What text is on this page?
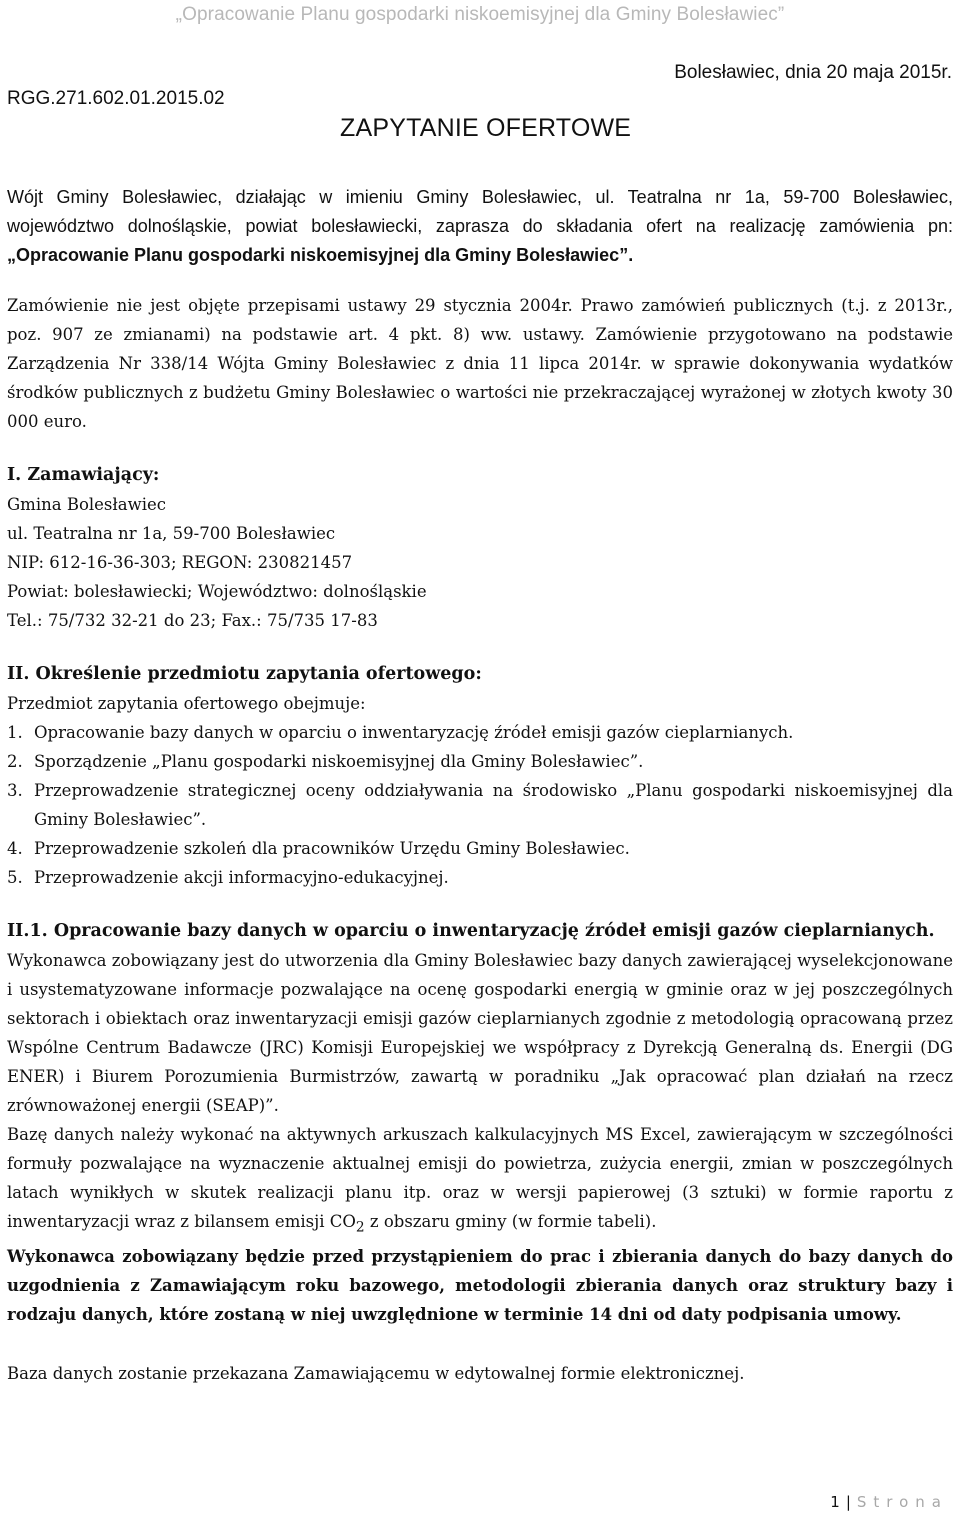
„Opracowanie Planu gospodarki niskoemisyjnej dla Gminy Bolesławiec”
Bolesławiec, dnia 20 maja 2015r.
RGG.271.602.01.2015.02
ZAPYTANIE OFERTOWE

Wójt Gminy Bolesławiec, działając w imieniu Gminy Bolesławiec, ul. Teatralna nr 1a, 59-700 Bolesławiec, województwo dolnośląskie, powiat bolesławiecki, zaprasza do składania ofert na realizację zamówienia pn: „Opracowanie Planu gospodarki niskoemisyjnej dla Gminy Bolesławiec”.

Zamówienie nie jest objęte przepisami ustawy 29 stycznia 2004r. Prawo zamówień publicznych (t.j. z 2013r., poz. 907 ze zmianami) na podstawie art. 4 pkt. 8) ww. ustawy. Zamówienie przygotowano na podstawie Zarządzenia Nr 338/14 Wójta Gminy Bolesławiec z dnia 11 lipca 2014r. w sprawie dokonywania wydatków środków publicznych z budżetu Gminy Bolesławiec o wartości nie przekraczającej wyrażonej w złotych kwoty 30 000 euro.

I. Zamawiający:

Gmina Bolesławiec
ul. Teatralna nr 1a, 59-700 Bolesławiec
NIP: 612-16-36-303; REGON: 230821457
Powiat: bolesławiecki; Województwo: dolnośląskie
Tel.: 75/732 32-21 do 23; Fax.: 75/735 17-83

II. Określenie przedmiotu zapytania ofertowego:

Przedmiot zapytania ofertowego obejmuje:

1. Opracowanie bazy danych w oparciu o inwentaryzację źródeł emisji gazów cieplarnianych.
2. Sporządzenie „Planu gospodarki niskoemisyjnej dla Gminy Bolesławiec”.
3. Przeprowadzenie strategicznej oceny oddziaływania na środowisko „Planu gospodarki niskoemisyjnej dla Gminy Bolesławiec”.
4. Przeprowadzenie szkoleń dla pracowników Urzędu Gminy Bolesławiec.
5. Przeprowadzenie akcji informacyjno-edukacyjnej.

II.1. Opracowanie bazy danych w oparciu o inwentaryzację źródeł emisji gazów cieplarnianych.

Wykonawca zobowiązany jest do utworzenia dla Gminy Bolesławiec bazy danych zawierającej wyselekcjonowane i usystematyzowane informacje pozwalające na ocenę gospodarki energią w gminie oraz w jej poszczególnych sektorach i obiektach oraz inwentaryzacji emisji gazów cieplarnianych zgodnie z metodologią opracowaną przez Wspólne Centrum Badawcze (JRC) Komisji Europejskiej we współpracy z Dyrekcją Generalną ds. Energii (DG ENER) i Biurem Porozumienia Burmistrzów, zawartą w poradniku „Jak opracować plan działań na rzecz zrównoważonej energii (SEAP)”.

Bazę danych należy wykonać na aktywnych arkuszach kalkulacyjnych MS Excel, zawierającym w szczególności formuły pozwalające na wyznaczenie aktualnej emisji do powietrza, zużycia energii, zmian w poszczególnych latach wynikłych w skutek realizacji planu itp. oraz w wersji papierowej (3 sztuki) w formie raportu z inwentaryzacji wraz z bilansem emisji $CO_2$ z obszaru gminy (w formie tabeli).

Wykonawca zobowiązany będzie przed przystąpieniem do prac i zbierania danych do bazy danych do uzgodnienia z Zamawiającym roku bazowego, metodologii zbierania danych oraz struktury bazy i rodzaju danych, które zostaną w niej uwzględnione w terminie 14 dni od daty podpisania umowy.

Baza danych zostanie przekazana Zamawiającemu w edytowalnej formie elektronicznej.

1 | Strona
